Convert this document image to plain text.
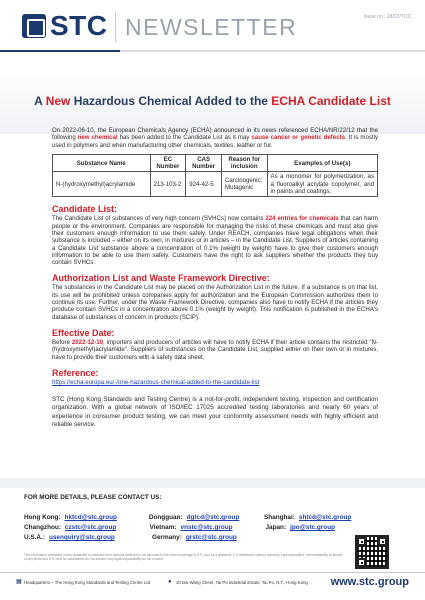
STC NEWSLETTER	Issue no.: 28/22/TCD
A New Hazardous Chemical Added to the ECHA Candidate List

On 2022-06-10, the European Chemicals Agency (ECHA) announced in its news referenced ECHA/NR/22/12 that the following new chemical has been added to the Candidate List as it may cause cancer or genetic defects. It is mostly used in polymers and when manufacturing other chemicals, textiles, leather or fur.

Substance Name	EC Number	CAS Number	Reason for inclusion	Examples of Use(s)
N-(hydroxymethyl)acrylamide	213-103-2	924-42-5	Carcinogenic; Mutagenic	As a monomer for polymerization, as a fluoroalkyl acrylate copolymer, and in paints and coatings.
Candidate List:

The Candidate List of substances of very high concern (SVHCs) now contains 224 entries for chemicals that can harm people or the environment. Companies are responsible for managing the risks of these chemicals and must also give their customers enough information to use them safely. Under REACH, companies have legal obligations when their substance is included – either on its own, in mixtures or in articles – in the Candidate List. Suppliers of articles containing a Candidate List substance above a concentration of 0.1% (weight by weight) have to give their customers enough information to be able to use them safely. Customers have the right to ask suppliers whether the products they buy contain SVHCs.

Authorization List and Waste Framework Directive:

The substances in the Candidate List may be placed on the Authorization List in the future. If a substance is on that list, its use will be prohibited unless companies apply for authorization and the European Commission authorizes them to continue its use. Further, under the Waste Framework Directive, companies also have to notify ECHA if the articles they produce contain SVHCs in a concentration above 0.1% (weight by weight). This notification is published in the ECHA's database of substances of concern in products (SCIP).

Effective Date:

Before 2022-12-10, importers and producers of articles will have to notify ECHA if their article contains the restricted "N-(hydroxymethyl)acrylamide". Suppliers of substances on the Candidate List, supplied either on their own or in mixtures, have to provide their customers with a safety data sheet.

Reference:

https://echa.europa.eu/-/one-hazardous-chemical-added-to-the-candidate-list

STC (Hong Kong Standards and Testing Centre) is a not-for-profit, independent testing, inspection and certification organization. With a global network of ISO/IEC 17025 accredited testing laboratories and nearly 60 years of experience in consumer product testing, we can meet your conformity assessment needs with highly efficient and reliable service.

FOR MORE DETAILS, PLEASE CONTACT US:
Hong Kong: hktcd@stc.group	Dongguan: dgtcd@stc.group	Shanghai: shtcd@stc.group
Changzhou: czstc@stc.group	Vietnam: vnstc@stc.group	Japan: jpo@stc.group
U.S.A.: usenquiry@stc.group	Germany: grstc@stc.group
The information contained in this newsletter is obtained from sources believed to be accurate to the best knowledge of STC and as a guidance. It is distributed without warranty, express/implied, merchantability or fitness of any kinds and STC and its subsidiaries do not assume any legal responsibility for the content.
▦ Headquarters – The Hong Kong Standards and Testing Centre Ltd.	●	10 Dai Wang Street, Tai Po Industrial Estate, Tai Po, N.T., Hong Kong www.stc.group
